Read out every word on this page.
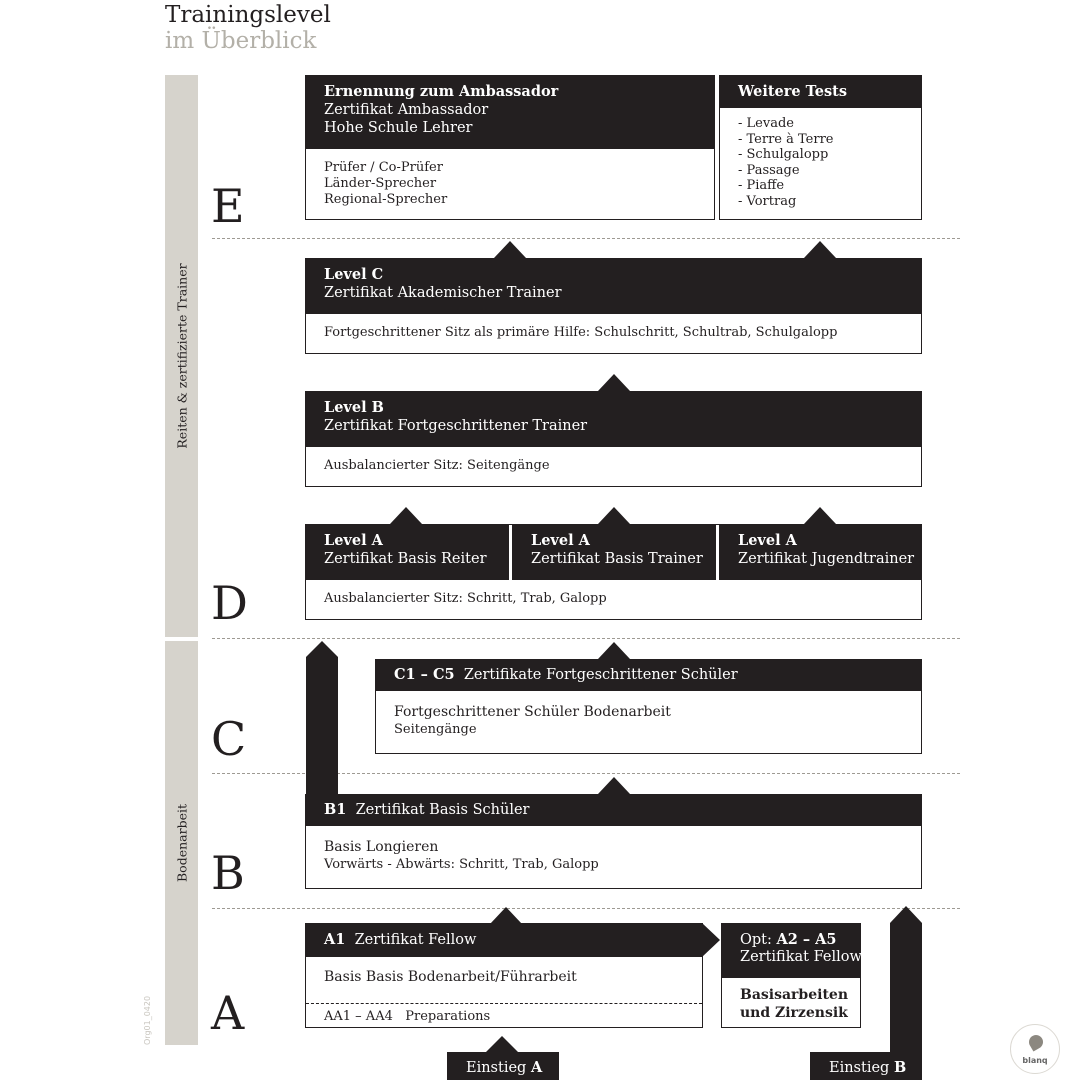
Trainingslevel
im Überblick
Reiten & zertifizierte Trainer
Bodenarbeit
E
D
C
B
A
Ernennung zum Ambassador
Zertifikat Ambassador
Hohe Schule Lehrer
Prüfer / Co-Prüfer
Länder-Sprecher
Regional-Sprecher
Weitere Tests
- Levade
- Terre à Terre
- Schulgalopp
- Passage
- Piaffe
- Vortrag
Level C
Zertifikat Akademischer Trainer
Fortgeschrittener Sitz als primäre Hilfe: Schulschritt, Schultrab, Schulgalopp
Level B
Zertifikat Fortgeschrittener Trainer
Ausbalancierter Sitz: Seitengänge
Level A
Zertifikat Basis Reiter
Level A
Zertifikat Basis Trainer
Level A
Zertifikat Jugendtrainer
Ausbalancierter Sitz: Schritt, Trab, Galopp
C1 – C5 Zertifikate Fortgeschrittener Schüler
Fortgeschrittener Schüler Bodenarbeit
Seitengänge
B1 Zertifikat Basis Schüler
Basis Longieren
Vorwärts - Abwärts: Schritt, Trab, Galopp
A1 Zertifikat Fellow
Basis Basis Bodenarbeit/Führarbeit
AA1 – AA4 Preparations
Opt: A2 – A5
Zertifikat Fellow
Basisarbeiten
und Zirzensik
Einstieg A	Einstieg B
Org01_0420
blanq
